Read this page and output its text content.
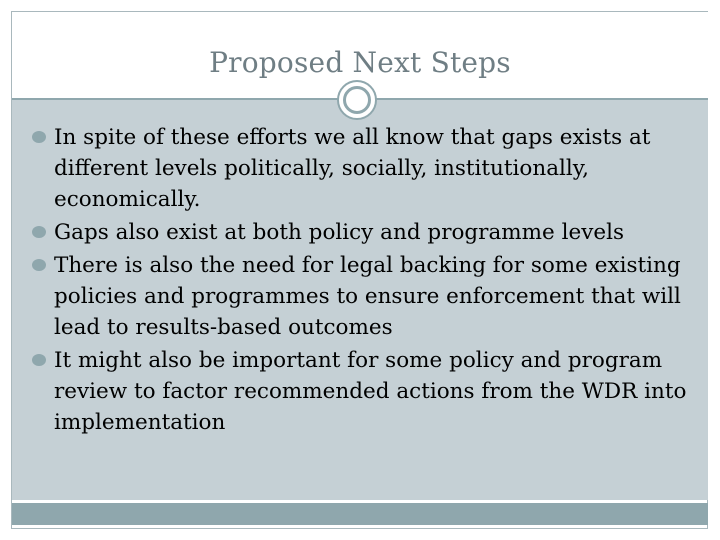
Proposed Next Steps
In spite of these efforts we all know that gaps exists at different levels politically, socially, institutionally, economically.
Gaps also exist at both policy and programme levels
There is also the need for legal backing for some existing policies and programmes to ensure enforcement that will lead to results-based outcomes
It might also be important for some policy and program review to factor recommended actions from the WDR into implementation
